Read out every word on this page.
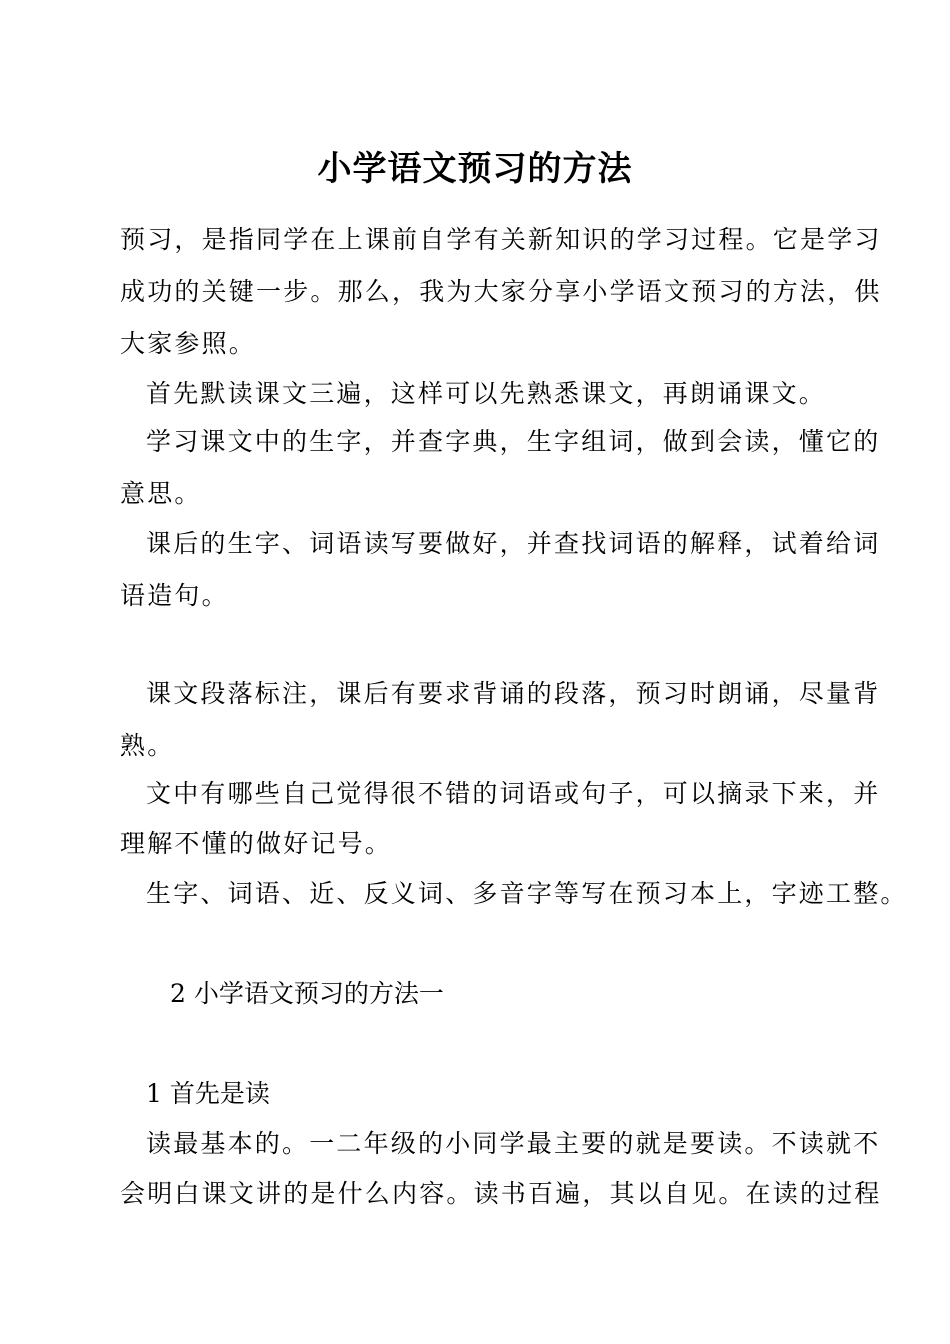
小学语文预习的方法
预习，是指同学在上课前自学有关新知识的学习过程。它是学习
成功的关键一步。那么，我为大家分享小学语文预习的方法，供
大家参照。
首先默读课文三遍，这样可以先熟悉课文，再朗诵课文。
学习课文中的生字，并查字典，生字组词，做到会读，懂它的
意思。
课后的生字、词语读写要做好，并查找词语的解释，试着给词
语造句。
课文段落标注，课后有要求背诵的段落，预习时朗诵，尽量背
熟。
文中有哪些自己觉得很不错的词语或句子，可以摘录下来，并
理解不懂的做好记号。
生字、词语、近、反义词、多音字等写在预习本上，字迹工整。
2 小学语文预习的方法一
1 首先是读
读最基本的。一二年级的小同学最主要的就是要读。不读就不
会明白课文讲的是什么内容。读书百遍，其以自见。在读的过程
